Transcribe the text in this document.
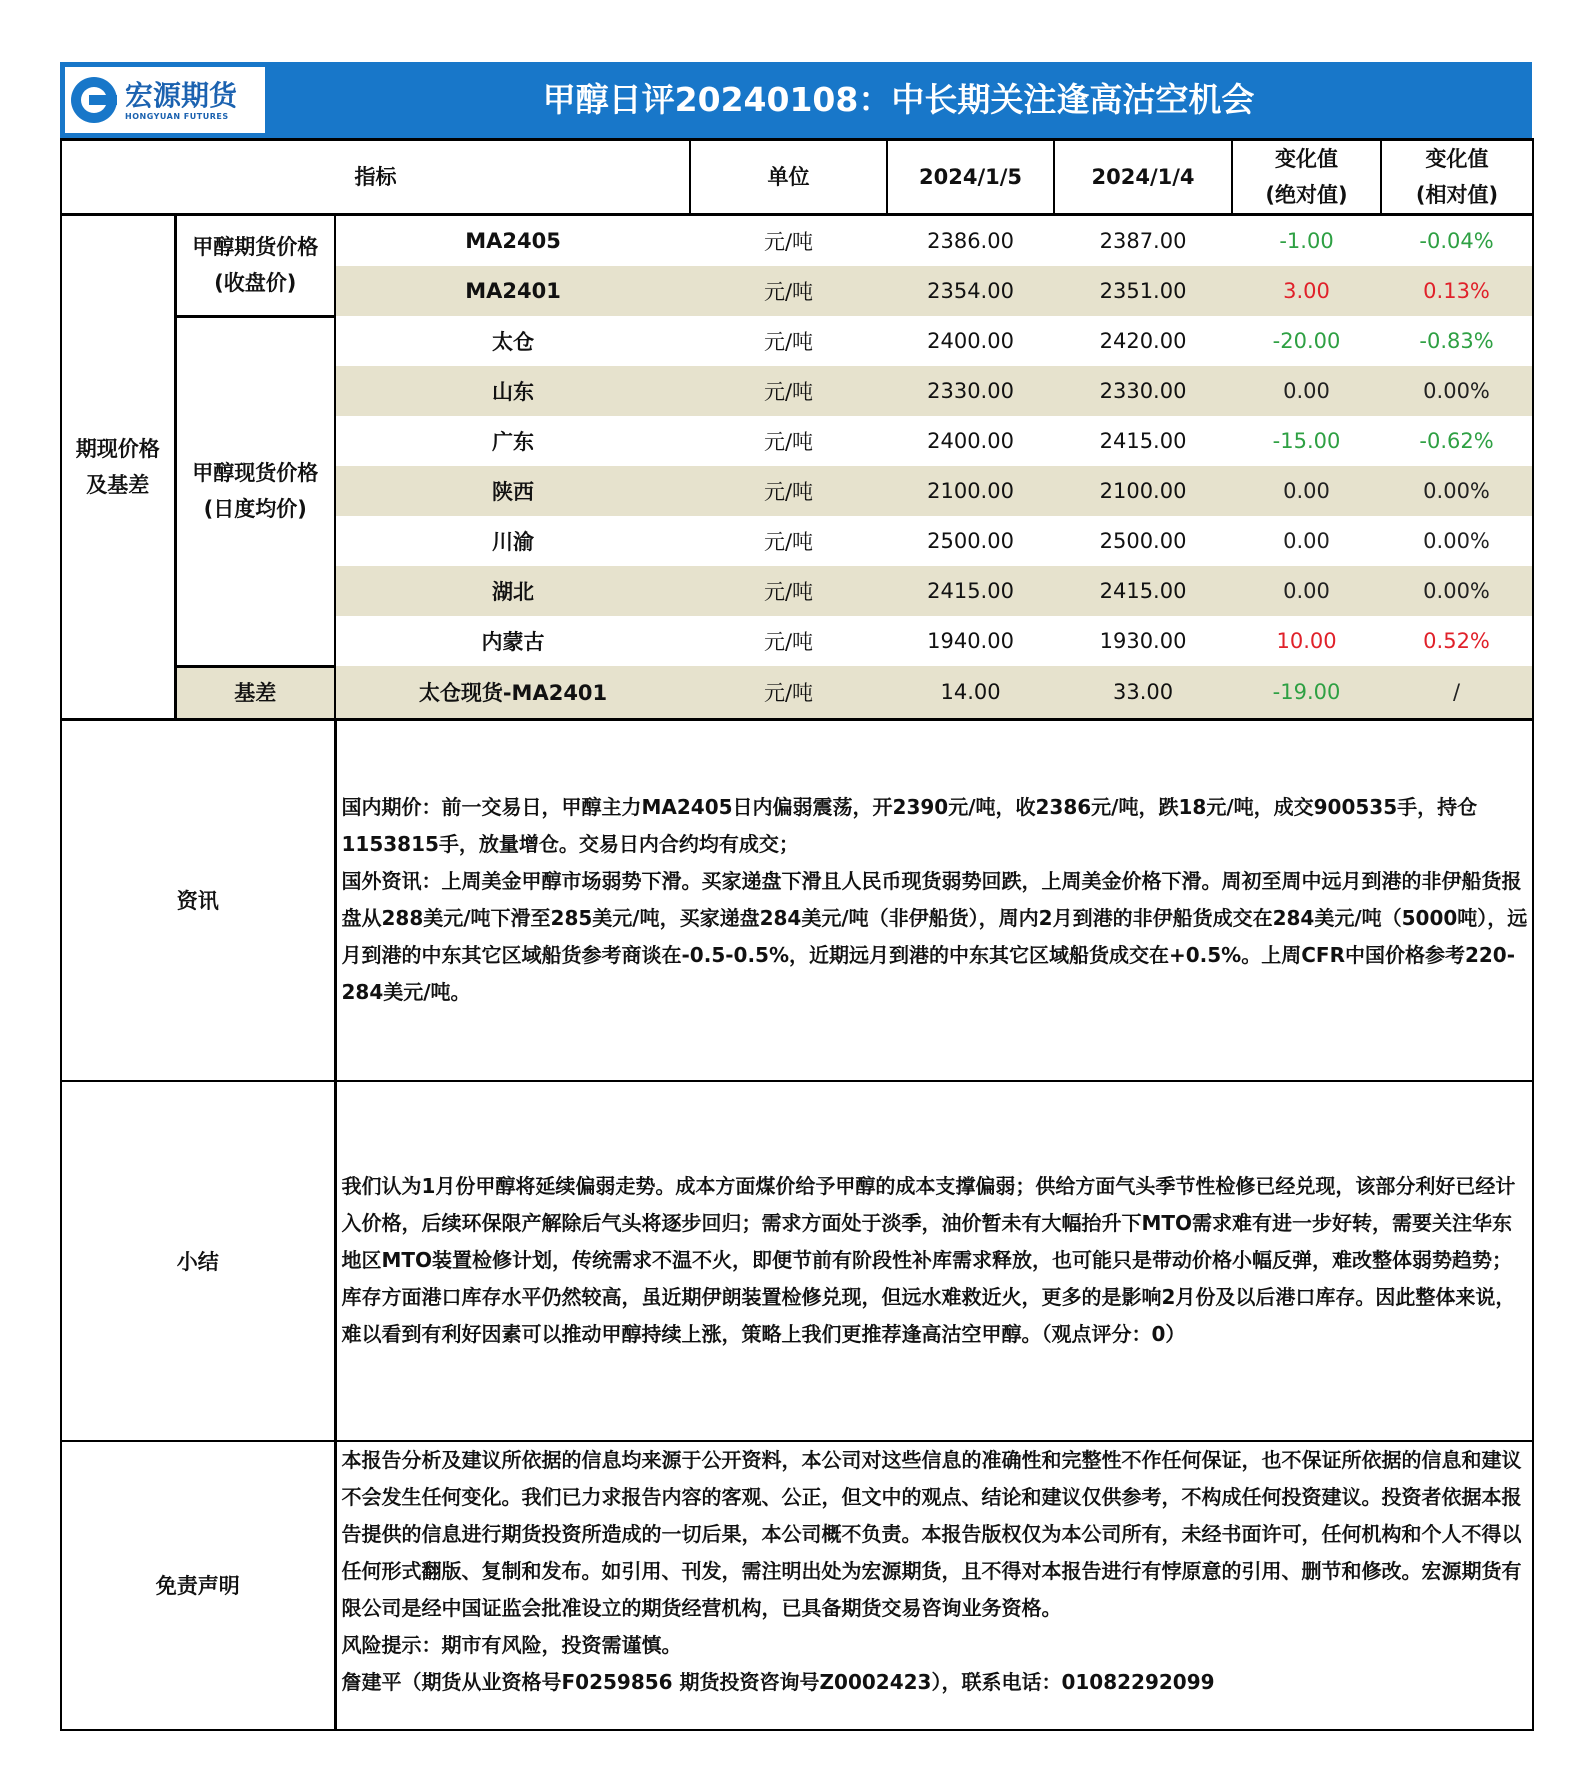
宏源期货
HONGYUAN FUTURES	甲醇日评20240108：中长期关注逢高沽空机会
指标			单位	2024/1/5	2024/1/4	变化值
(绝对值)	变化值
(相对值)
期现价格
及基差	甲醇期货价格
(收盘价)	MA2405	元/吨	2386.00	2387.00	-1.00	-0.04%
		MA2401	元/吨	2354.00	2351.00	3.00	0.13%
	甲醇现货价格
(日度均价)	太仓	元/吨	2400.00	2420.00	-20.00	-0.83%
		山东	元/吨	2330.00	2330.00	0.00	0.00%
		广东	元/吨	2400.00	2415.00	-15.00	-0.62%
		陕西	元/吨	2100.00	2100.00	0.00	0.00%
		川渝	元/吨	2500.00	2500.00	0.00	0.00%
		湖北	元/吨	2415.00	2415.00	0.00	0.00%
		内蒙古	元/吨	1940.00	1930.00	10.00	0.52%
	基差	太仓现货-MA2401	元/吨	14.00	33.00	-19.00	/
资讯	国内期价：前一交易日，甲醇主力MA2405日内偏弱震荡，开2390元/吨，收2386元/吨，跌18元/吨，成交900535手，持仓1153815手，放量增仓。交易日内合约均有成交；

国外资讯：上周美金甲醇市场弱势下滑。买家递盘下滑且人民币现货弱势回跌，上周美金价格下滑。周初至周中远月到港的非伊船货报盘从288美元/吨下滑至285美元/吨，买家递盘284美元/吨（非伊船货），周内2月到港的非伊船货成交在284美元/吨（5000吨），远月到港的中东其它区域船货参考商谈在-0.5-0.5%，近期远月到港的中东其它区域船货成交在+0.5%。上周CFR中国价格参考220-284美元/吨。

小结	我们认为1月份甲醇将延续偏弱走势。成本方面煤价给予甲醇的成本支撑偏弱；供给方面气头季节性检修已经兑现，该部分利好已经计入价格，后续环保限产解除后气头将逐步回归；需求方面处于淡季，油价暂未有大幅抬升下MTO需求难有进一步好转，需要关注华东地区MTO装置检修计划，传统需求不温不火，即便节前有阶段性补库需求释放，也可能只是带动价格小幅反弹，难改整体弱势趋势；库存方面港口库存水平仍然较高，虽近期伊朗装置检修兑现，但远水难救近火，更多的是影响2月份及以后港口库存。因此整体来说，难以看到有利好因素可以推动甲醇持续上涨，策略上我们更推荐逢高沽空甲醇。（观点评分：0）
免责声明	本报告分析及建议所依据的信息均来源于公开资料，本公司对这些信息的准确性和完整性不作任何保证，也不保证所依据的信息和建议不会发生任何变化。我们已力求报告内容的客观、公正，但文中的观点、结论和建议仅供参考，不构成任何投资建议。投资者依据本报告提供的信息进行期货投资所造成的一切后果，本公司概不负责。本报告版权仅为本公司所有，未经书面许可，任何机构和个人不得以任何形式翻版、复制和发布。如引用、刊发，需注明出处为宏源期货，且不得对本报告进行有悖原意的引用、删节和修改。宏源期货有限公司是经中国证监会批准设立的期货经营机构，已具备期货交易咨询业务资格。

风险提示：期市有风险，投资需谨慎。

詹建平（期货从业资格号F0259856 期货投资咨询号Z0002423），联系电话：01082292099
